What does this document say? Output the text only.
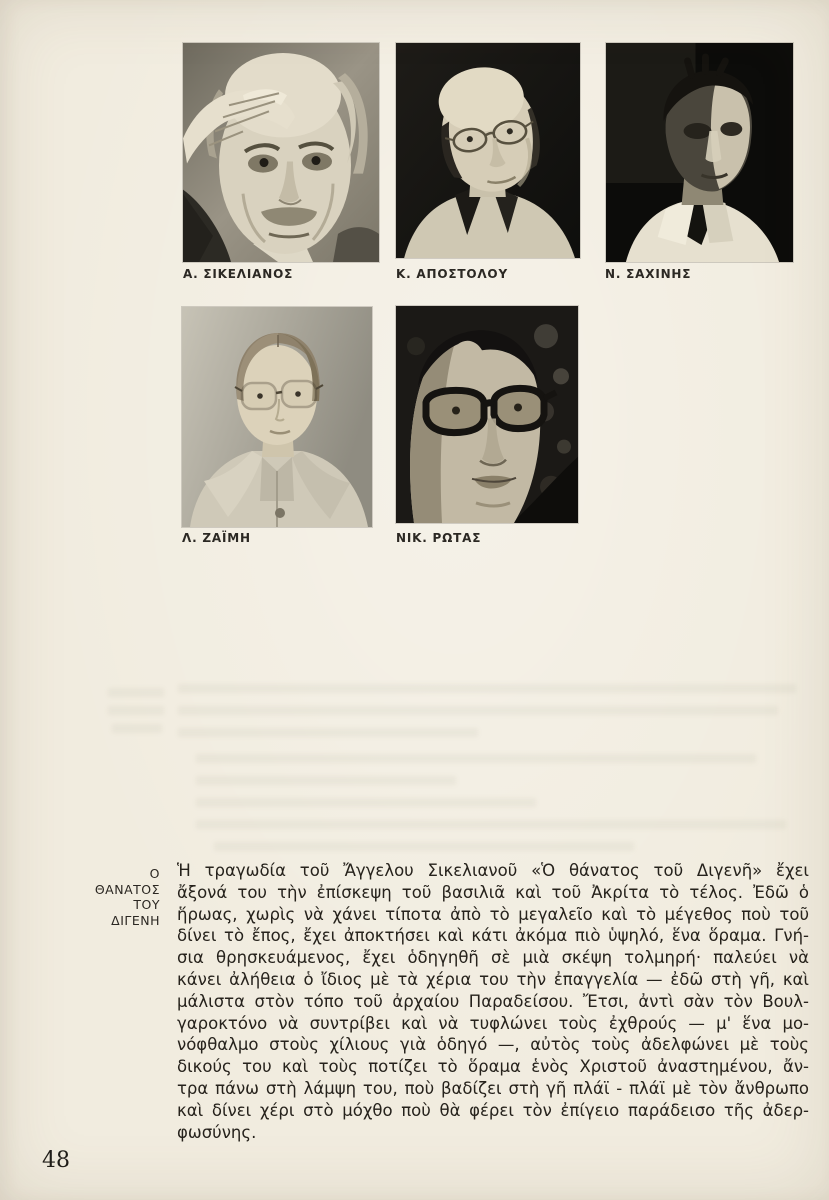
Α. ΣΙΚΕΛΙΑΝΟΣ	Κ. ΑΠΟΣΤΟΛΟΥ	Ν. ΣΑΧΙΝΗΣ
Λ. ΖΑΪΜΗ	ΝΙΚ. ΡΩΤΑΣ
Ο
ΘΑΝΑΤΟΣ
ΤΟΥ
ΔΙΓΕΝΗ
Ἡ τραγωδία τοῦ Ἄγγελου Σικελιανοῦ «Ὁ θάνατος τοῦ Διγενῆ» ἔχει
ἄξονά του τὴν ἐπίσκεψη τοῦ βασιλιᾶ καὶ τοῦ Ἀκρίτα τὸ τέλος. Ἐδῶ ὁ
ἥρωας, χωρὶς νὰ χάνει τίποτα ἀπὸ τὸ μεγαλεῖο καὶ τὸ μέγεθος ποὺ τοῦ
δίνει τὸ ἔπος, ἔχει ἀποκτήσει καὶ κάτι ἀκόμα πιὸ ὑψηλό, ἕνα ὅραμα. Γνή-
σια θρησκευάμενος, ἔχει ὁδηγηθῆ σὲ μιὰ σκέψη τολμηρή· παλεύει νὰ
κάνει ἀλήθεια ὁ ἴδιος μὲ τὰ χέρια του τὴν ἐπαγγελία — ἐδῶ στὴ γῆ, καὶ
μάλιστα στὸν τόπο τοῦ ἀρχαίου Παραδείσου. Ἔτσι, ἀντὶ σὰν τὸν Βουλ-
γαροκτόνο νὰ συντρίβει καὶ νὰ τυφλώνει τοὺς ἐχθρούς — μ' ἕνα μο-
νόφθαλμο στοὺς χίλιους γιὰ ὁδηγό —, αὐτὸς τοὺς ἀδελφώνει μὲ τοὺς
δικούς του καὶ τοὺς ποτίζει τὸ ὅραμα ἑνὸς Χριστοῦ ἀναστημένου, ἄν-
τρα πάνω στὴ λάμψη του, ποὺ βαδίζει στὴ γῆ πλάϊ - πλάϊ μὲ τὸν ἄνθρωπο
καὶ δίνει χέρι στὸ μόχθο ποὺ θὰ φέρει τὸν ἐπίγειο παράδεισο τῆς ἀδερ-
φωσύνης.
48
